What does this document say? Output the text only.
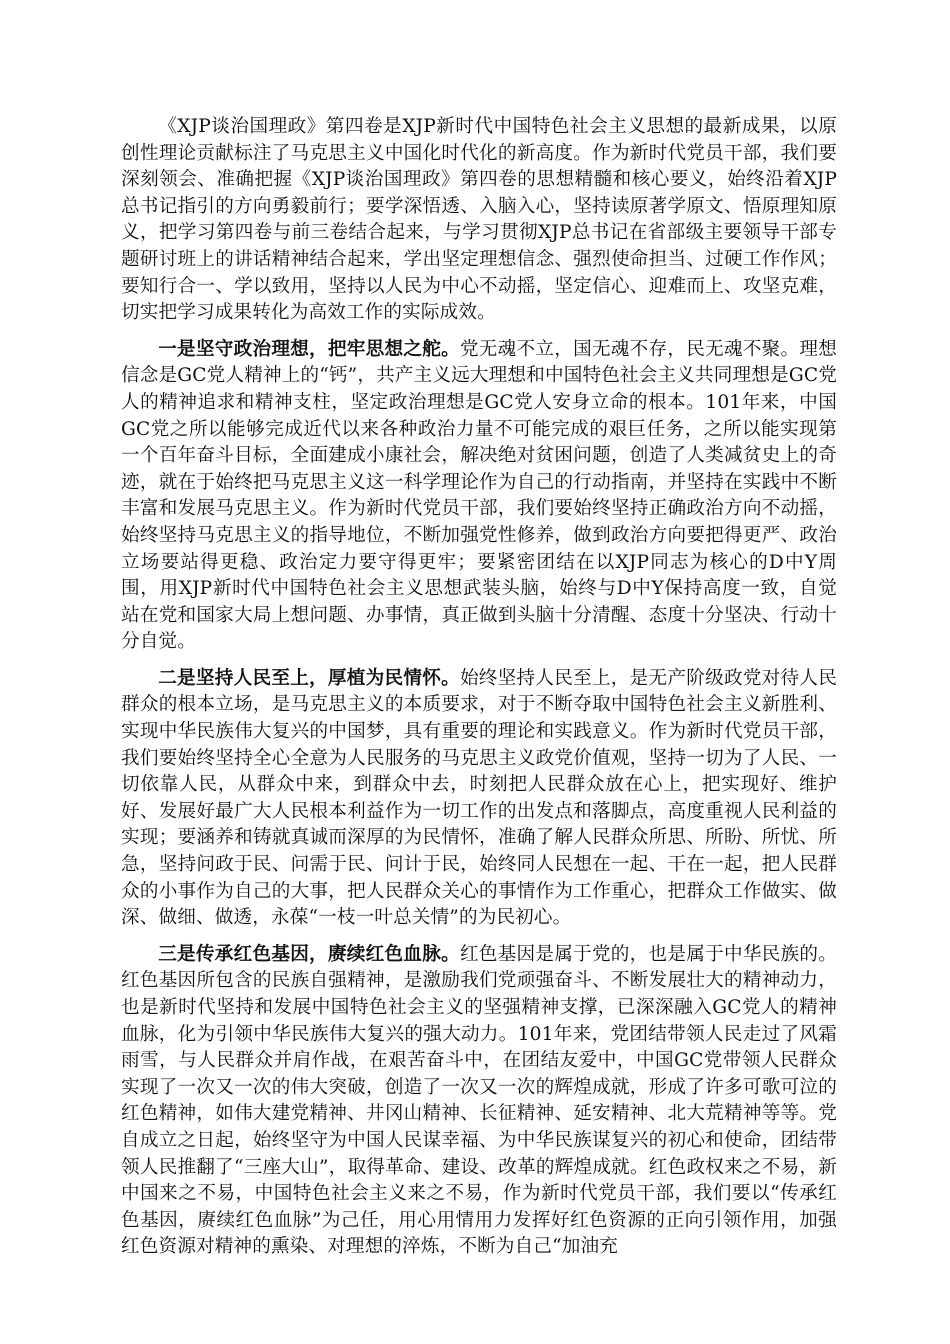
《XJP谈治国理政》第四卷是XJP新时代中国特色社会主义思想的最新成果，以原创性理论贡献标注了马克思主义中国化时代化的新高度。作为新时代党员干部，我们要深刻领会、准确把握《XJP谈治国理政》第四卷的思想精髓和核心要义，始终沿着XJP总书记指引的方向勇毅前行；要学深悟透、入脑入心，坚持读原著学原文、悟原理知原义，把学习第四卷与前三卷结合起来，与学习贯彻XJP总书记在省部级主要领导干部专题研讨班上的讲话精神结合起来，学出坚定理想信念、强烈使命担当、过硬工作作风；要知行合一、学以致用，坚持以人民为中心不动摇，坚定信心、迎难而上、攻坚克难，切实把学习成果转化为高效工作的实际成效。

一是坚守政治理想，把牢思想之舵。党无魂不立，国无魂不存，民无魂不聚。理想信念是GC党人精神上的“钙”，共产主义远大理想和中国特色社会主义共同理想是GC党人的精神追求和精神支柱，坚定政治理想是GC党人安身立命的根本。101年来，中国GC党之所以能够完成近代以来各种政治力量不可能完成的艰巨任务，之所以能实现第一个百年奋斗目标，全面建成小康社会，解决绝对贫困问题，创造了人类减贫史上的奇迹，就在于始终把马克思主义这一科学理论作为自己的行动指南，并坚持在实践中不断丰富和发展马克思主义。作为新时代党员干部，我们要始终坚持正确政治方向不动摇，始终坚持马克思主义的指导地位，不断加强党性修养，做到政治方向要把得更严、政治立场要站得更稳、政治定力要守得更牢；要紧密团结在以XJP同志为核心的D中Y周围，用XJP新时代中国特色社会主义思想武装头脑，始终与D中Y保持高度一致，自觉站在党和国家大局上想问题、办事情，真正做到头脑十分清醒、态度十分坚决、行动十分自觉。

二是坚持人民至上，厚植为民情怀。始终坚持人民至上，是无产阶级政党对待人民群众的根本立场，是马克思主义的本质要求，对于不断夺取中国特色社会主义新胜利、实现中华民族伟大复兴的中国梦，具有重要的理论和实践意义。作为新时代党员干部，我们要始终坚持全心全意为人民服务的马克思主义政党价值观，坚持一切为了人民、一切依靠人民，从群众中来，到群众中去，时刻把人民群众放在心上，把实现好、维护好、发展好最广大人民根本利益作为一切工作的出发点和落脚点，高度重视人民利益的实现；要涵养和铸就真诚而深厚的为民情怀，准确了解人民群众所思、所盼、所忧、所急，坚持问政于民、问需于民、问计于民，始终同人民想在一起、干在一起，把人民群众的小事作为自己的大事，把人民群众关心的事情作为工作重心，把群众工作做实、做深、做细、做透，永葆“一枝一叶总关情”的为民初心。

三是传承红色基因，赓续红色血脉。红色基因是属于党的，也是属于中华民族的。红色基因所包含的民族自强精神，是激励我们党顽强奋斗、不断发展壮大的精神动力，也是新时代坚持和发展中国特色社会主义的坚强精神支撑，已深深融入GC党人的精神血脉，化为引领中华民族伟大复兴的强大动力。101年来，党团结带领人民走过了风霜雨雪，与人民群众并肩作战，在艰苦奋斗中，在团结友爱中，中国GC党带领人民群众实现了一次又一次的伟大突破，创造了一次又一次的辉煌成就，形成了许多可歌可泣的红色精神，如伟大建党精神、井冈山精神、长征精神、延安精神、北大荒精神等等。党自成立之日起，始终坚守为中国人民谋幸福、为中华民族谋复兴的初心和使命，团结带领人民推翻了“三座大山”，取得革命、建设、改革的辉煌成就。红色政权来之不易，新中国来之不易，中国特色社会主义来之不易，作为新时代党员干部，我们要以“传承红色基因，赓续红色血脉”为己任，用心用情用力发挥好红色资源的正向引领作用，加强红色资源对精神的熏染、对理想的淬炼，不断为自己“加油充
